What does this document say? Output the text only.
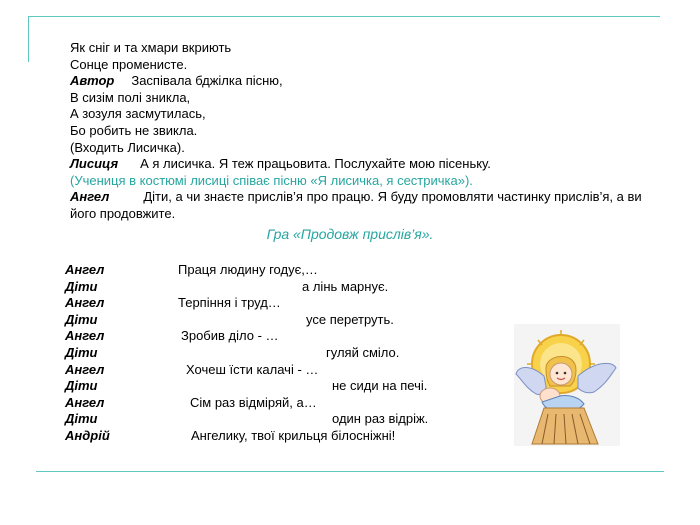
Як сніг и та хмари вкриють
Сонце променисте.
Автор Заспівала бджілка пісню,
В сизім полі зникла,
А зозуля засмутилась,
Бо робить не звикла.
(Входить Лисичка).
Лисиця А я лисичка. Я теж працьовита. Послухайте мою пісеньку.
(Учениця в костюмі лисиці співає пісню «Я лисичка, я сестричка»).
Ангел	Діти, а чи знаєте прислів’я про працю. Я буду промовляти частинку прислів’я, а ви його продовжите.
Гра «Продовж прислів’я».
Ангел	Праця людину годує,…
Діти	а лінь марнує.
Ангел	Терпіння і труд…
Діти	усе перетруть.
Ангел	Зробив діло - …
Діти	гуляй сміло.
Ангел	Хочеш їсти калачі - …
Діти	не сиди на печі.
Ангел	Сім раз відміряй, а…
Діти	один раз відріж.
Андрій	Ангелику, твої крильця білосніжні!
